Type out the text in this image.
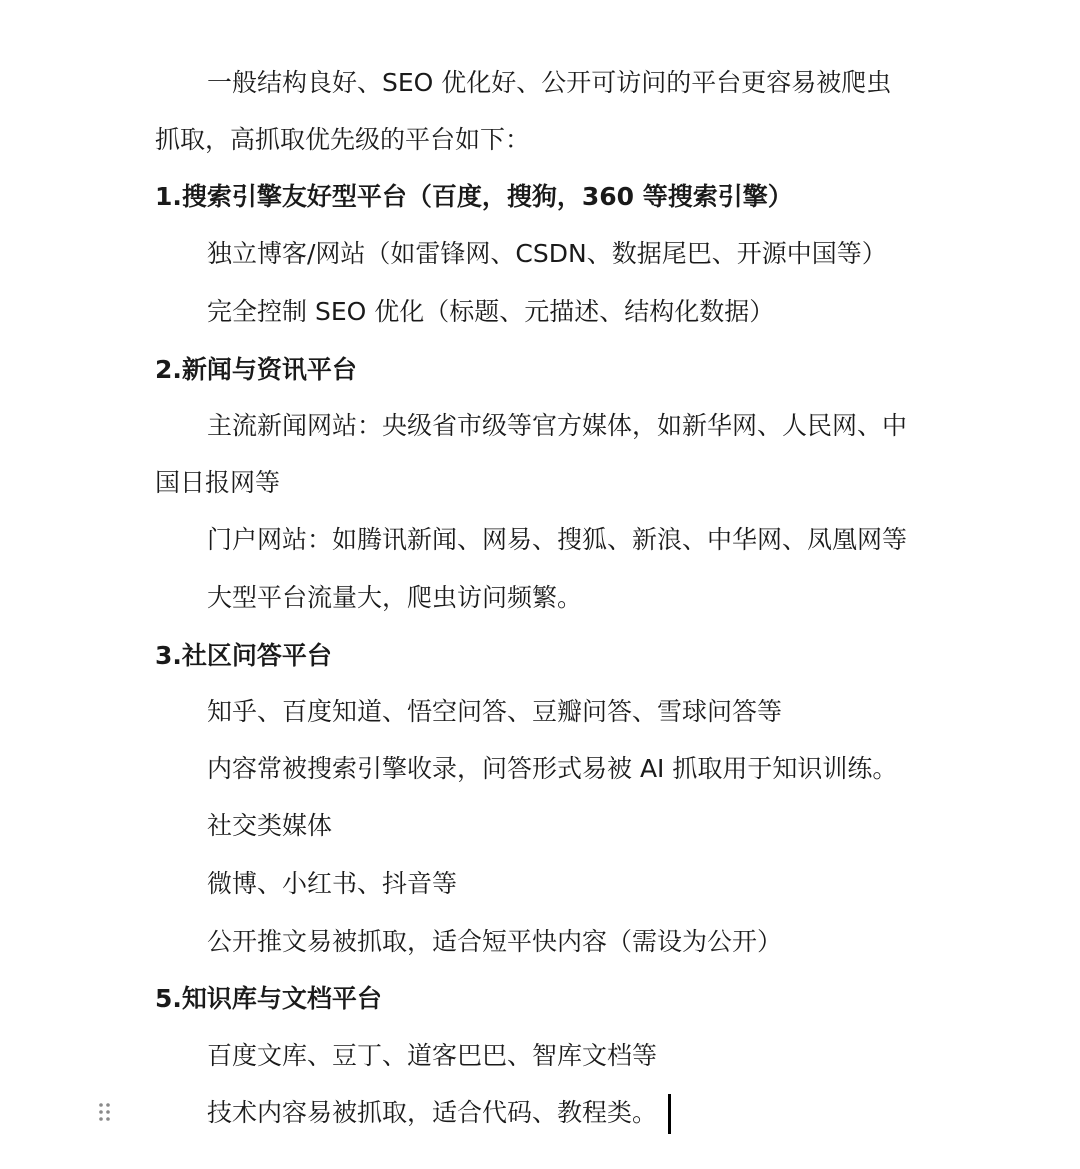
一般结构良好、SEO 优化好、公开可访问的平台更容易被爬虫
抓取，高抓取优先级的平台如下：
1.搜索引擎友好型平台（百度，搜狗，360 等搜索引擎）
独立博客/网站（如雷锋网、CSDN、数据尾巴、开源中国等）
完全控制 SEO 优化（标题、元描述、结构化数据）
2.新闻与资讯平台
主流新闻网站：央级省市级等官方媒体，如新华网、人民网、中
国日报网等
门户网站：如腾讯新闻、网易、搜狐、新浪、中华网、凤凰网等
大型平台流量大，爬虫访问频繁。
3.社区问答平台
知乎、百度知道、悟空问答、豆瓣问答、雪球问答等
内容常被搜索引擎收录，问答形式易被 AI 抓取用于知识训练。
社交类媒体
微博、小红书、抖音等
公开推文易被抓取，适合短平快内容（需设为公开）
5.知识库与文档平台
百度文库、豆丁、道客巴巴、智库文档等
技术内容易被抓取，适合代码、教程类。
